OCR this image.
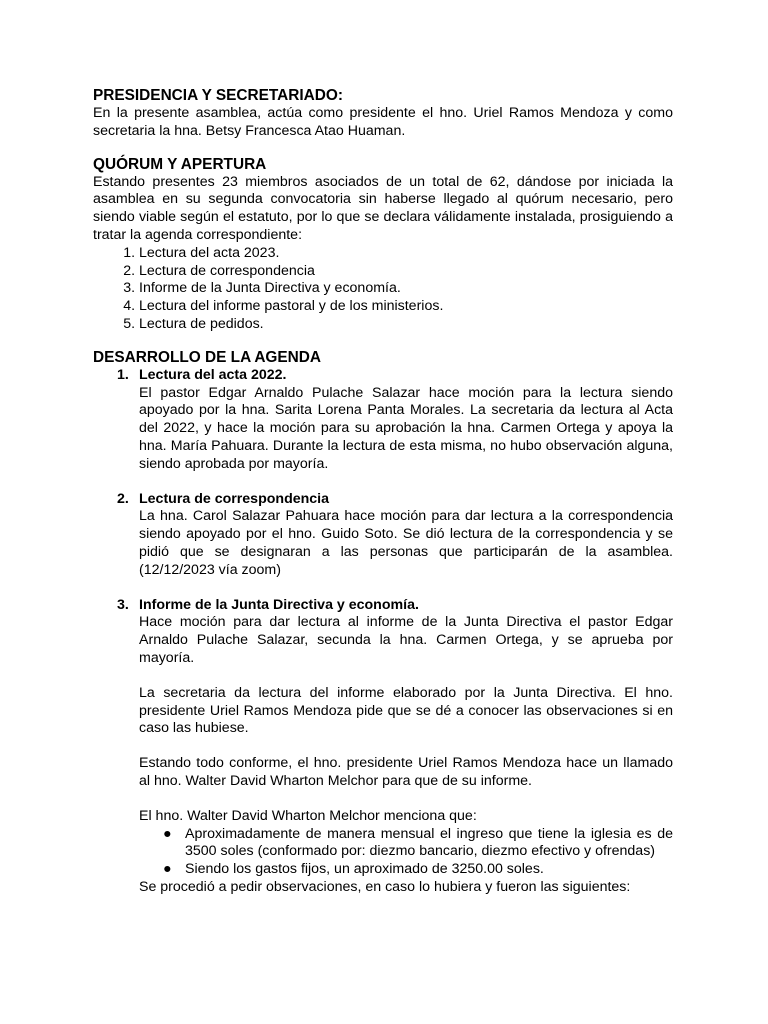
PRESIDENCIA Y SECRETARIADO:

En la presente asamblea, actúa como presidente el hno. Uriel Ramos Mendoza y como secretaria la hna. Betsy Francesca Atao Huaman.

QUÓRUM Y APERTURA

Estando presentes 23 miembros asociados de un total de 62, dándose por iniciada la asamblea en su segunda convocatoria sin haberse llegado al quórum necesario, pero siendo viable según el estatuto, por lo que se declara válidamente instalada, prosiguiendo a tratar la agenda correspondiente:

1. Lectura del acta 2023.
2. Lectura de correspondencia
3. Informe de la Junta Directiva y economía.
4. Lectura del informe pastoral y de los ministerios.
5. Lectura de pedidos.
DESARROLLO DE LA AGENDA
1. Lectura del acta 2022.

El pastor Edgar Arnaldo Pulache Salazar hace moción para la lectura siendo apoyado por la hna. Sarita Lorena Panta Morales. La secretaria da lectura al Acta del 2022, y hace la moción para su aprobación la hna. Carmen Ortega y apoya la hna. María Pahuara. Durante la lectura de esta misma, no hubo observación alguna, siendo aprobada por mayoría.

2. Lectura de correspondencia

La hna. Carol Salazar Pahuara hace moción para dar lectura a la correspondencia siendo apoyado por el hno. Guido Soto. Se dió lectura de la correspondencia y se pidió que se designaran a las personas que participarán de la asamblea. (12/12/2023 vía zoom)

3. Informe de la Junta Directiva y economía.

Hace moción para dar lectura al informe de la Junta Directiva el pastor Edgar Arnaldo Pulache Salazar, secunda la hna. Carmen Ortega, y se aprueba por mayoría.

La secretaria da lectura del informe elaborado por la Junta Directiva. El hno. presidente Uriel Ramos Mendoza pide que se dé a conocer las observaciones si en caso las hubiese.

Estando todo conforme, el hno. presidente Uriel Ramos Mendoza hace un llamado al hno. Walter David Wharton Melchor para que de su informe.

El hno. Walter David Wharton Melchor menciona que:

● Aproximadamente de manera mensual el ingreso que tiene la iglesia es de 3500 soles (conformado por: diezmo bancario, diezmo efectivo y ofrendas)
● Siendo los gastos fijos, un aproximado de 3250.00 soles.

Se procedió a pedir observaciones, en caso lo hubiera y fueron las siguientes:
